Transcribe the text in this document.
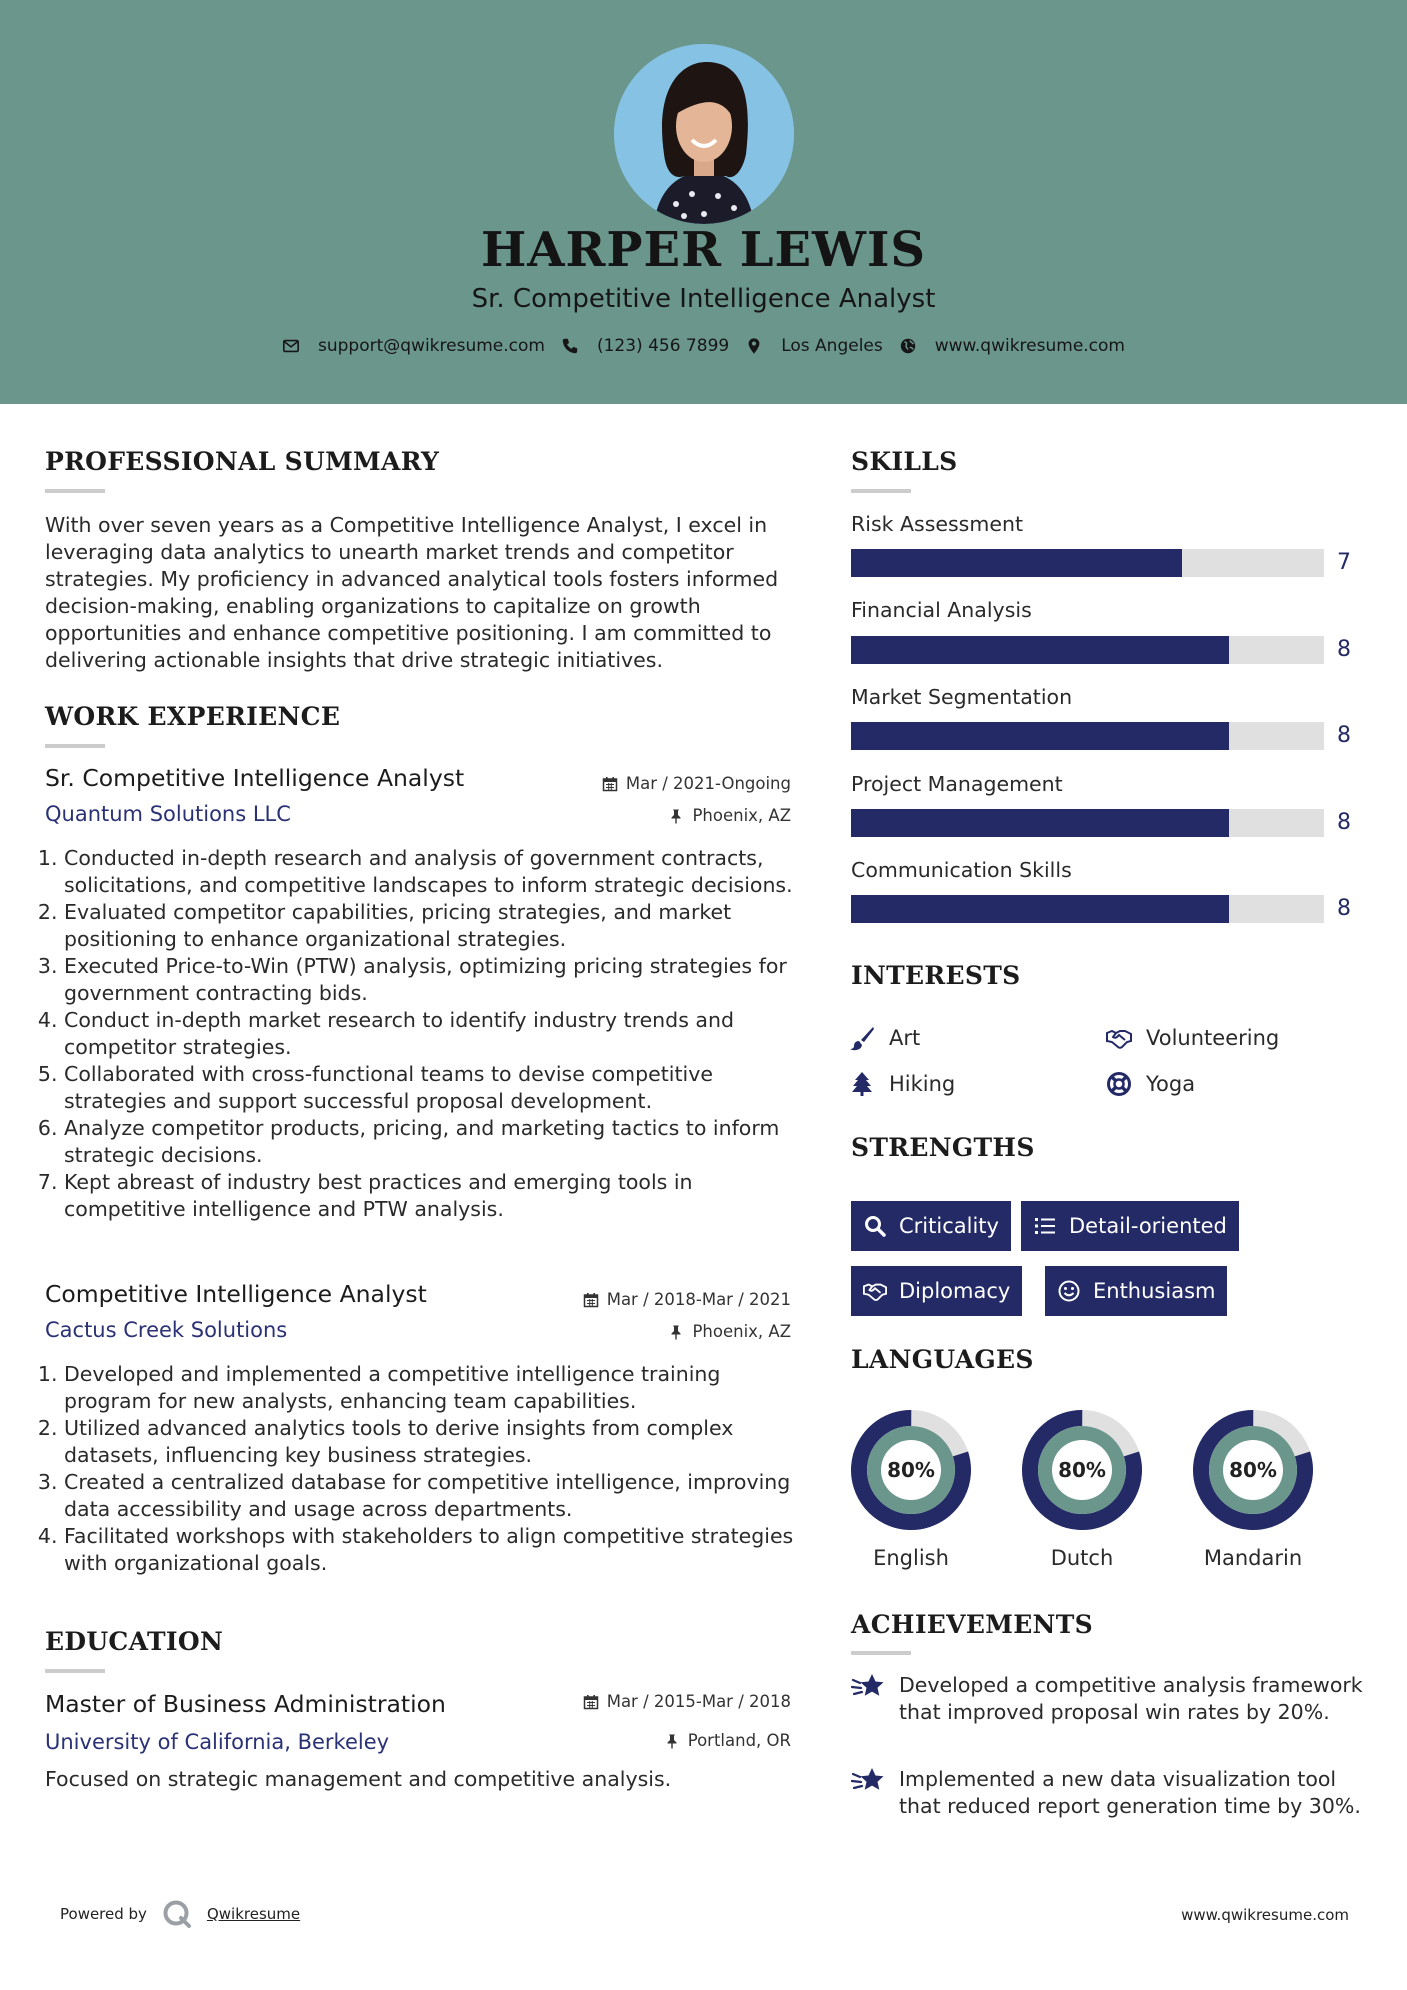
HARPER LEWIS
Sr. Competitive Intelligence Analyst
support@qwikresume.com	(123) 456 7899	Los Angeles	www.qwikresume.com
PROFESSIONAL SUMMARY
With over seven years as a Competitive Intelligence Analyst, I excel in leveraging data analytics to unearth market trends and competitor strategies. My proficiency in advanced analytical tools fosters informed decision-making, enabling organizations to capitalize on growth opportunities and enhance competitive positioning. I am committed to delivering actionable insights that drive strategic initiatives.
WORK EXPERIENCE
Sr. Competitive Intelligence Analyst	Mar / 2021-Ongoing
Quantum Solutions LLC	Phoenix, AZ
1. Conducted in-depth research and analysis of government contracts, solicitations, and competitive landscapes to inform strategic decisions.
2. Evaluated competitor capabilities, pricing strategies, and market positioning to enhance organizational strategies.
3. Executed Price-to-Win (PTW) analysis, optimizing pricing strategies for government contracting bids.
4. Conduct in-depth market research to identify industry trends and competitor strategies.
5. Collaborated with cross-functional teams to devise competitive strategies and support successful proposal development.
6. Analyze competitor products, pricing, and marketing tactics to inform strategic decisions.
7. Kept abreast of industry best practices and emerging tools in competitive intelligence and PTW analysis.
Competitive Intelligence Analyst	Mar / 2018-Mar / 2021
Cactus Creek Solutions	Phoenix, AZ
1. Developed and implemented a competitive intelligence training program for new analysts, enhancing team capabilities.
2. Utilized advanced analytics tools to derive insights from complex datasets, influencing key business strategies.
3. Created a centralized database for competitive intelligence, improving data accessibility and usage across departments.
4. Facilitated workshops with stakeholders to align competitive strategies with organizational goals.
EDUCATION
Master of Business Administration	Mar / 2015-Mar / 2018
University of California, Berkeley	Portland, OR
Focused on strategic management and competitive analysis.
SKILLS
Risk Assessment
7
Financial Analysis
8
Market Segmentation
8
Project Management
8
Communication Skills
8
INTERESTS
Art	Volunteering
Hiking	Yoga
STRENGTHS
Criticality	Detail-oriented
Diplomacy	Enthusiasm
LANGUAGES
80%
English
80%
Dutch
80%
Mandarin
ACHIEVEMENTS
Developed a competitive analysis framework that improved proposal win rates by 20%.
Implemented a new data visualization tool that reduced report generation time by 30%.
Powered by	Qwikresume	www.qwikresume.com
